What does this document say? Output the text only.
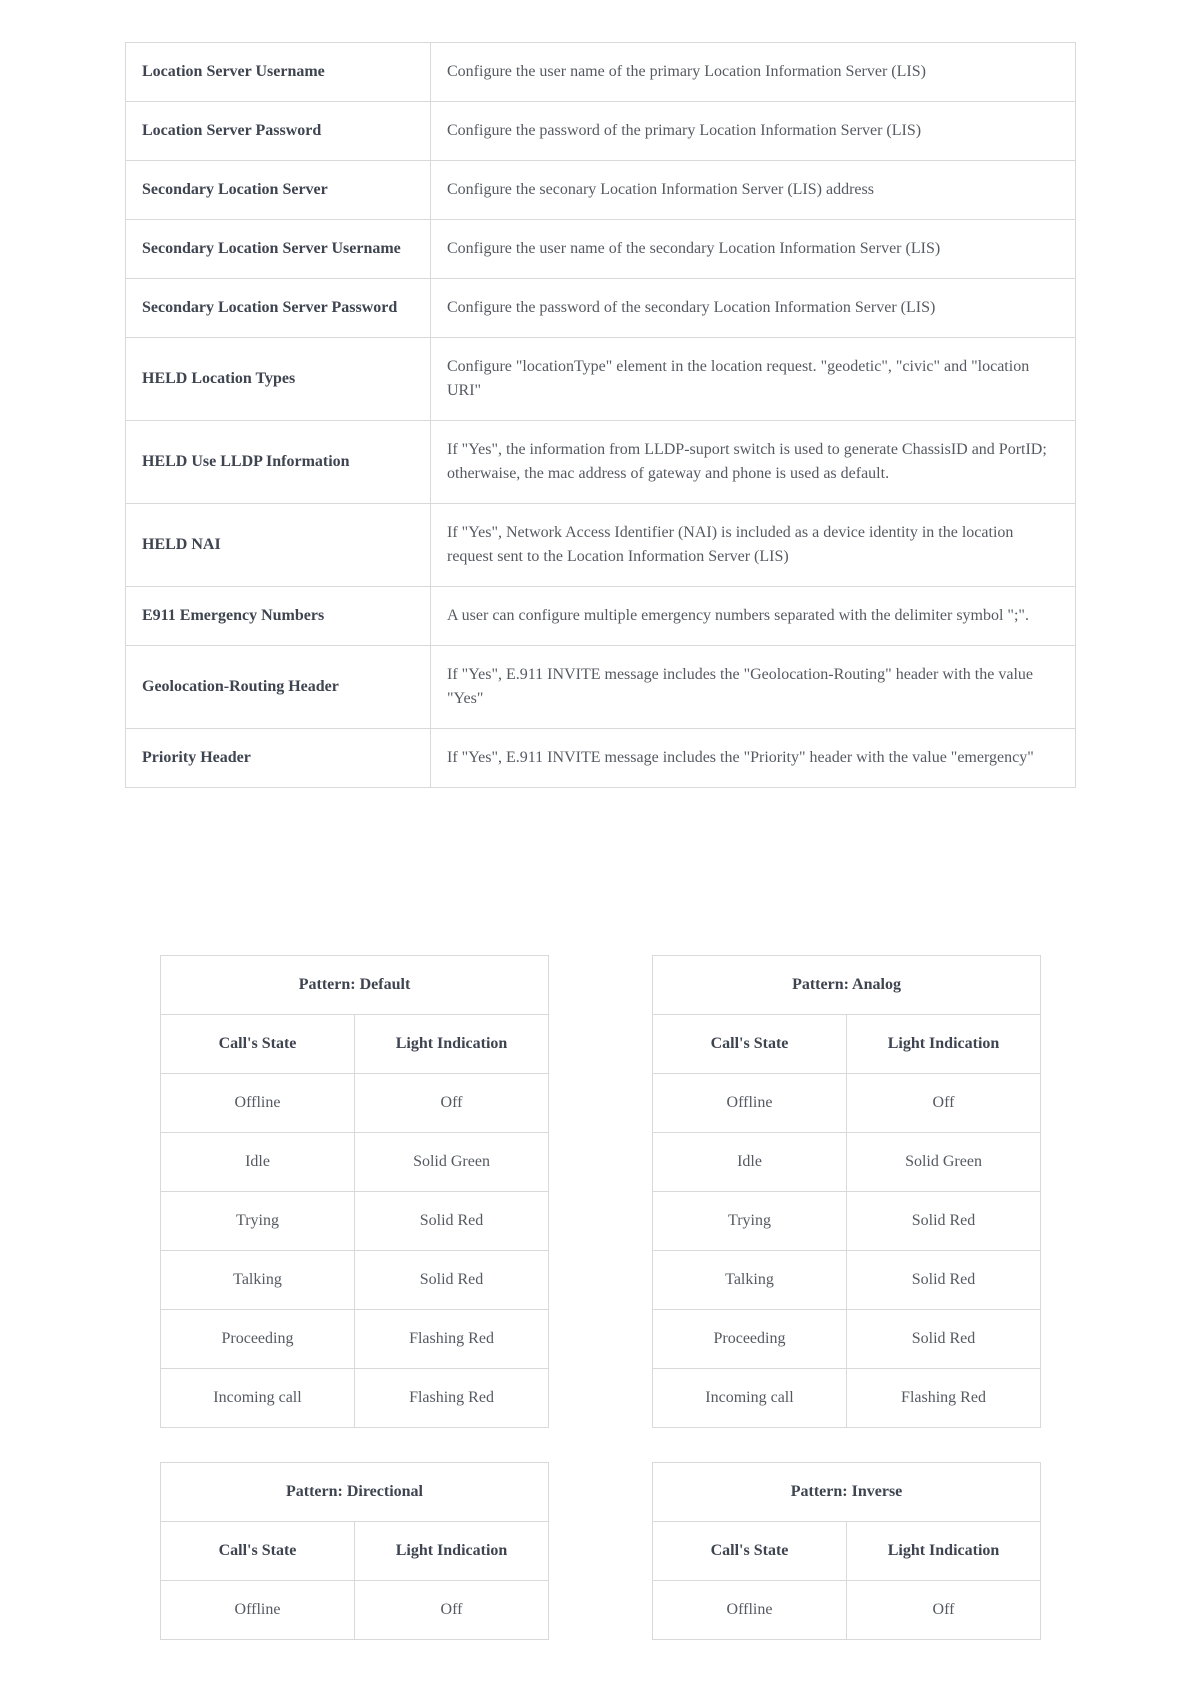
Location Server Username	Configure the user name of the primary Location Information Server (LIS)
Location Server Password	Configure the password of the primary Location Information Server (LIS)
Secondary Location Server	Configure the seconary Location Information Server (LIS) address
Secondary Location Server Username	Configure the user name of the secondary Location Information Server (LIS)
Secondary Location Server Password	Configure the password of the secondary Location Information Server (LIS)
HELD Location Types	Configure "locationType" element in the location request. "geodetic", "civic" and "location URI"
HELD Use LLDP Information	If "Yes", the information from LLDP-suport switch is used to generate ChassisID and PortID; otherwaise, the mac address of gateway and phone is used as default.
HELD NAI	If "Yes", Network Access Identifier (NAI) is included as a device identity in the location request sent to the Location Information Server (LIS)
E911 Emergency Numbers	A user can configure multiple emergency numbers separated with the delimiter symbol ";".
Geolocation-Routing Header	If "Yes", E.911 INVITE message includes the "Geolocation-Routing" header with the value "Yes"
Priority Header	If "Yes", E.911 INVITE message includes the "Priority" header with the value "emergency"
Pattern: Default	
Call's State	Light Indication
Offline	Off
Idle	Solid Green
Trying	Solid Red
Talking	Solid Red
Proceeding	Flashing Red
Incoming call	Flashing Red
Pattern: Analog	
Call's State	Light Indication
Offline	Off
Idle	Solid Green
Trying	Solid Red
Talking	Solid Red
Proceeding	Solid Red
Incoming call	Flashing Red
Pattern: Directional	
Call's State	Light Indication
Offline	Off
Pattern: Inverse	
Call's State	Light Indication
Offline	Off
